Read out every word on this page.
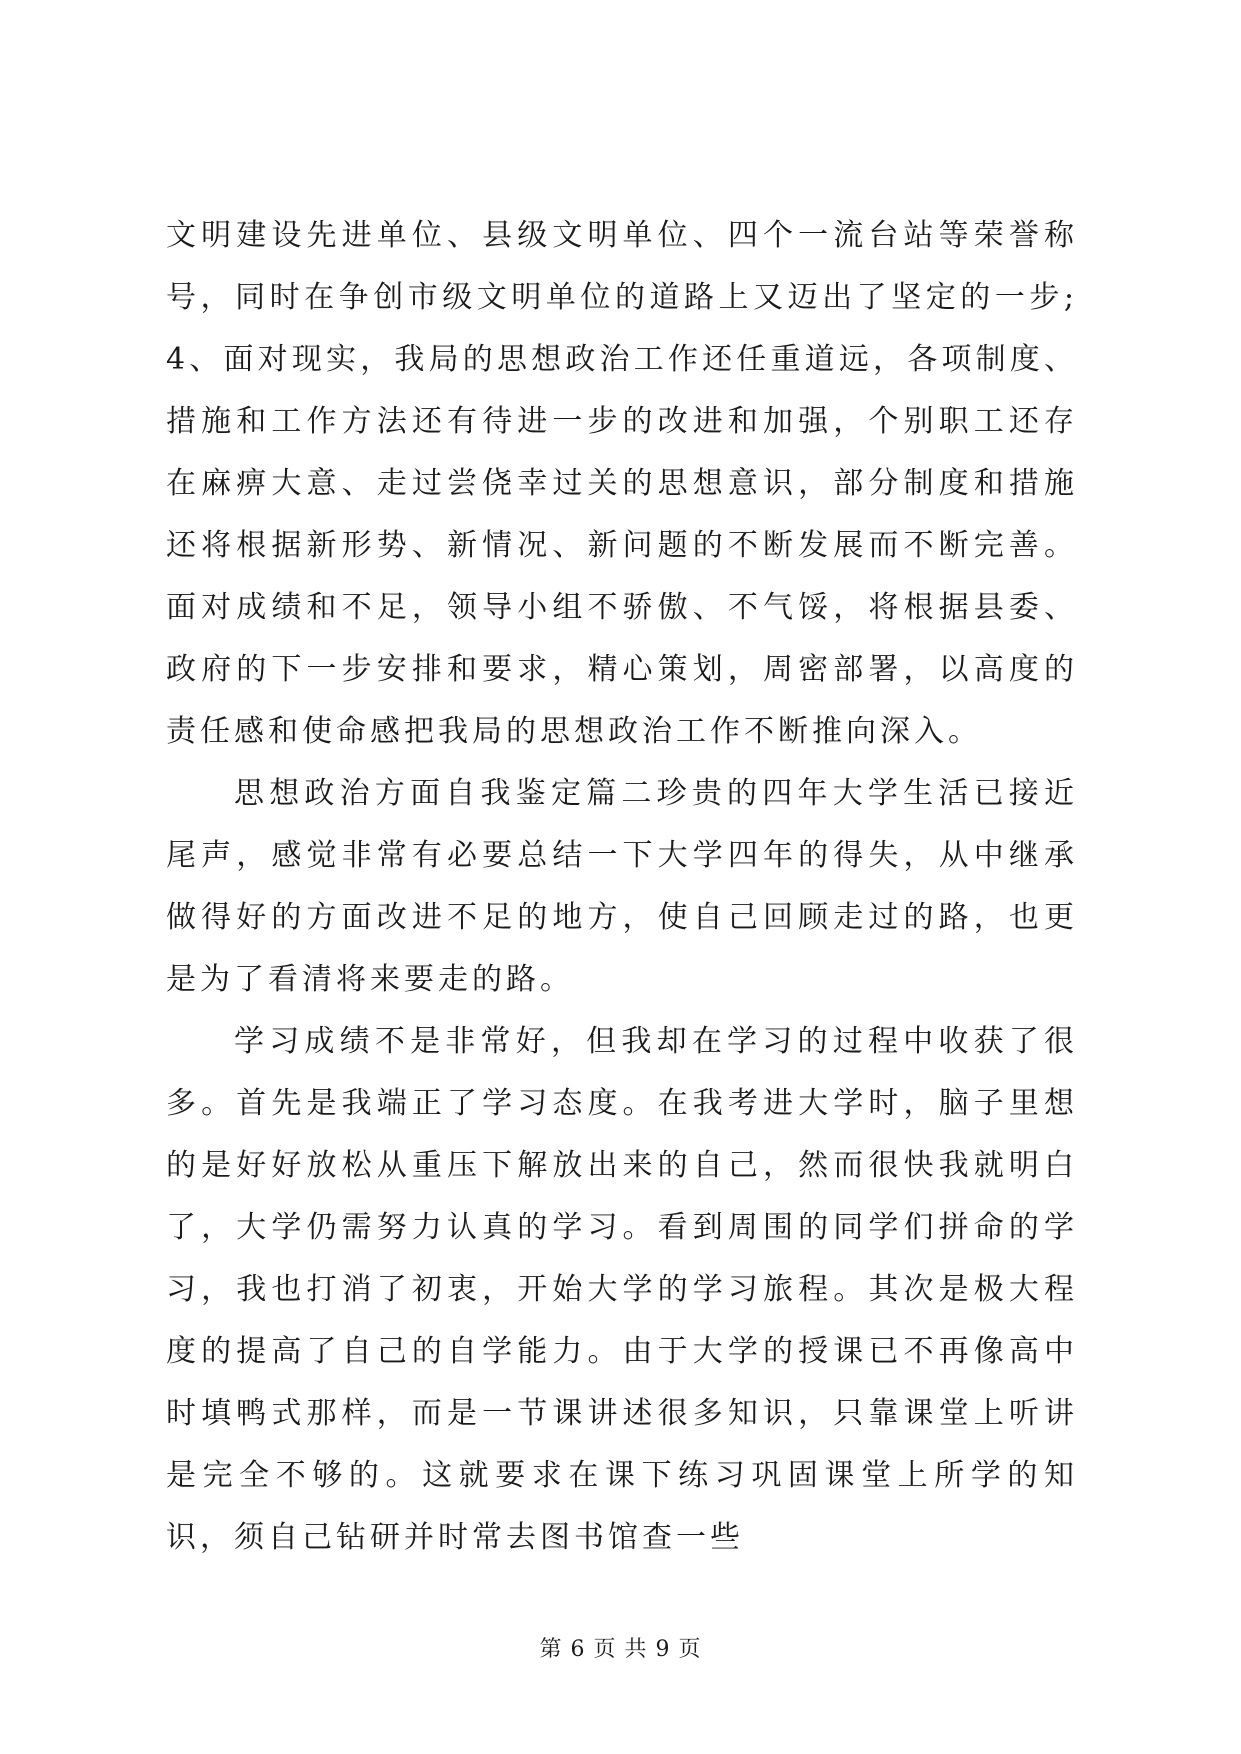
文明建设先进单位、县级文明单位、四个一流台站等荣誉称号，同时在争创市级文明单位的道路上又迈出了坚定的一步;4、面对现实，我局的思想政治工作还任重道远，各项制度、措施和工作方法还有待进一步的改进和加强，个别职工还存在麻痹大意、走过尝侥幸过关的思想意识，部分制度和措施还将根据新形势、新情况、新问题的不断发展而不断完善。面对成绩和不足，领导小组不骄傲、不气馁，将根据县委、政府的下一步安排和要求，精心策划，周密部署，以高度的责任感和使命感把我局的思想政治工作不断推向深入。

思想政治方面自我鉴定篇二珍贵的四年大学生活已接近尾声，感觉非常有必要总结一下大学四年的得失，从中继承做得好的方面改进不足的地方，使自己回顾走过的路，也更是为了看清将来要走的路。

学习成绩不是非常好，但我却在学习的过程中收获了很多。首先是我端正了学习态度。在我考进大学时，脑子里想的是好好放松从重压下解放出来的自己，然而很快我就明白了，大学仍需努力认真的学习。看到周围的同学们拼命的学习，我也打消了初衷，开始大学的学习旅程。其次是极大程度的提高了自己的自学能力。由于大学的授课已不再像高中时填鸭式那样，而是一节课讲述很多知识，只靠课堂上听讲是完全不够的。这就要求在课下练习巩固课堂上所学的知识，须自己钻研并时常去图书馆查一些

第 6 页 共 9 页
